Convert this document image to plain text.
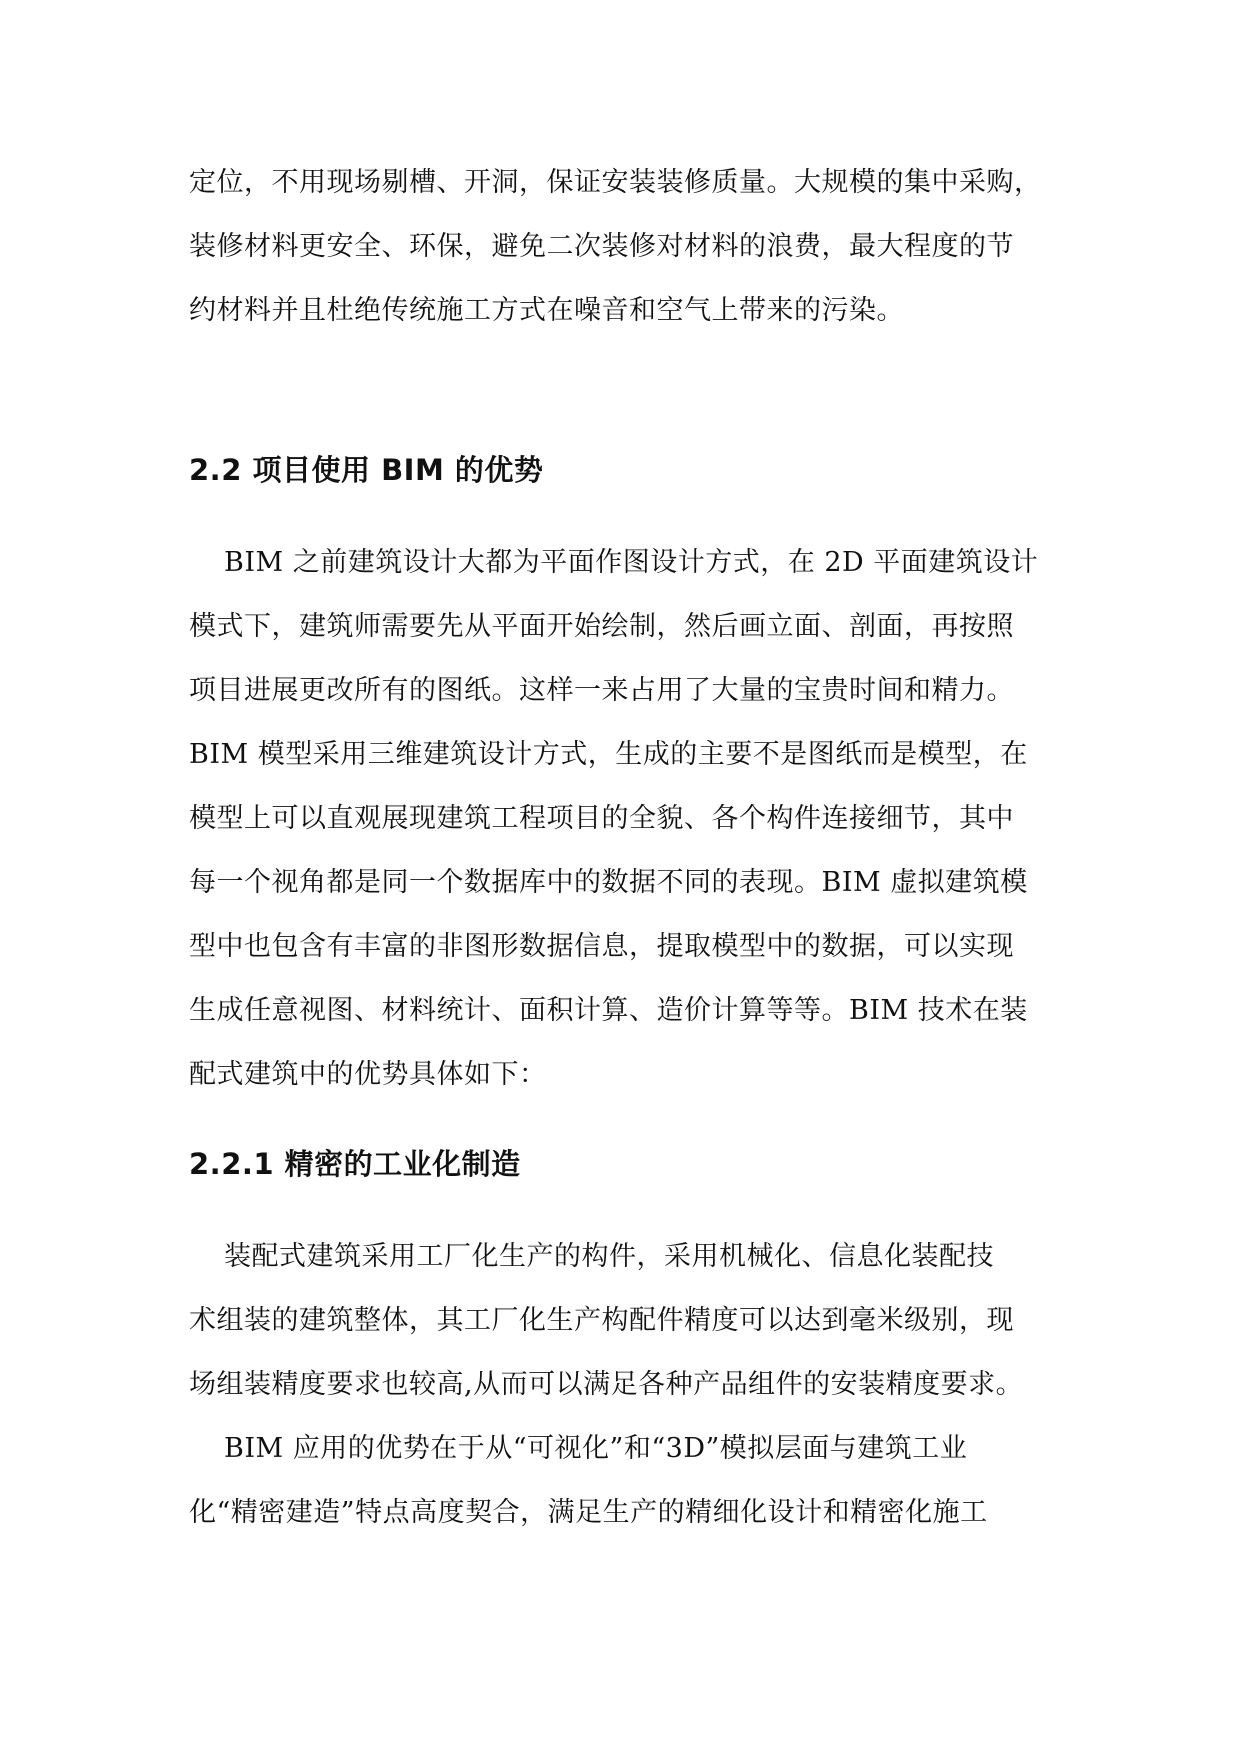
定位，不用现场剔槽、开洞，保证安装装修质量。大规模的集中采购，
装修材料更安全、环保，避免二次装修对材料的浪费，最大程度的节
约材料并且杜绝传统施工方式在噪音和空气上带来的污染。
2.2 项目使用 BIM 的优势
BIM 之前建筑设计大都为平面作图设计方式，在 2D 平面建筑设计
模式下，建筑师需要先从平面开始绘制，然后画立面、剖面，再按照
项目进展更改所有的图纸。这样一来占用了大量的宝贵时间和精力。
BIM 模型采用三维建筑设计方式，生成的主要不是图纸而是模型，在
模型上可以直观展现建筑工程项目的全貌、各个构件连接细节，其中
每一个视角都是同一个数据库中的数据不同的表现。BIM 虚拟建筑模
型中也包含有丰富的非图形数据信息，提取模型中的数据，可以实现
生成任意视图、材料统计、面积计算、造价计算等等。BIM 技术在装
配式建筑中的优势具体如下：
2.2.1 精密的工业化制造
装配式建筑采用工厂化生产的构件，采用机械化、信息化装配技
术组装的建筑整体，其工厂化生产构配件精度可以达到毫米级别，现
场组装精度要求也较高,从而可以满足各种产品组件的安装精度要求。
BIM 应用的优势在于从“可视化”和“3D”模拟层面与建筑工业
化“精密建造”特点高度契合，满足生产的精细化设计和精密化施工
